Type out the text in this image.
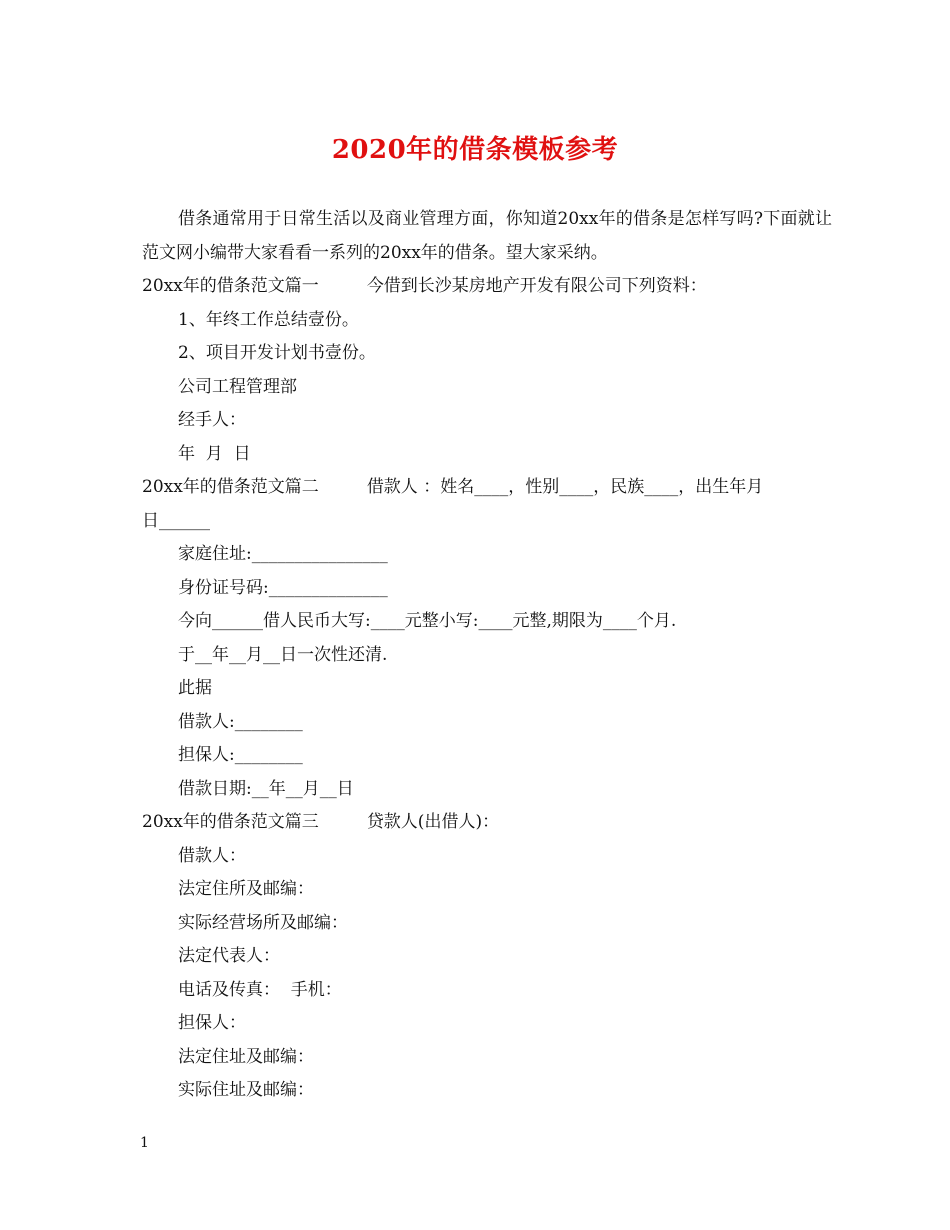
2020年的借条模板参考

借条通常用于日常生活以及商业管理方面，你知道20xx年的借条是怎样写吗?下面就让范文网小编带大家看看一系列的20xx年的借条。望大家采纳。

20xx年的借条范文篇一	今借到长沙某房地产开发有限公司下列资料：

1、年终工作总结壹份。

2、项目开发计划书壹份。

公司工程管理部

经手人：

年  月  日

20xx年的借条范文篇二	借款人 ：姓名____，性别____，民族____，出生年月

日______

家庭住址:________________

身份证号码:______________

今向______借人民币大写:____元整小写:____元整,期限为____个月.

于__年__月__日一次性还清.

此据

借款人:________

担保人:________

借款日期:__年__月__日

20xx年的借条范文篇三	贷款人(出借人)：

借款人：

法定住所及邮编：

实际经营场所及邮编：

法定代表人：

电话及传真：  手机：

担保人：

法定住址及邮编：

实际住址及邮编：

1
